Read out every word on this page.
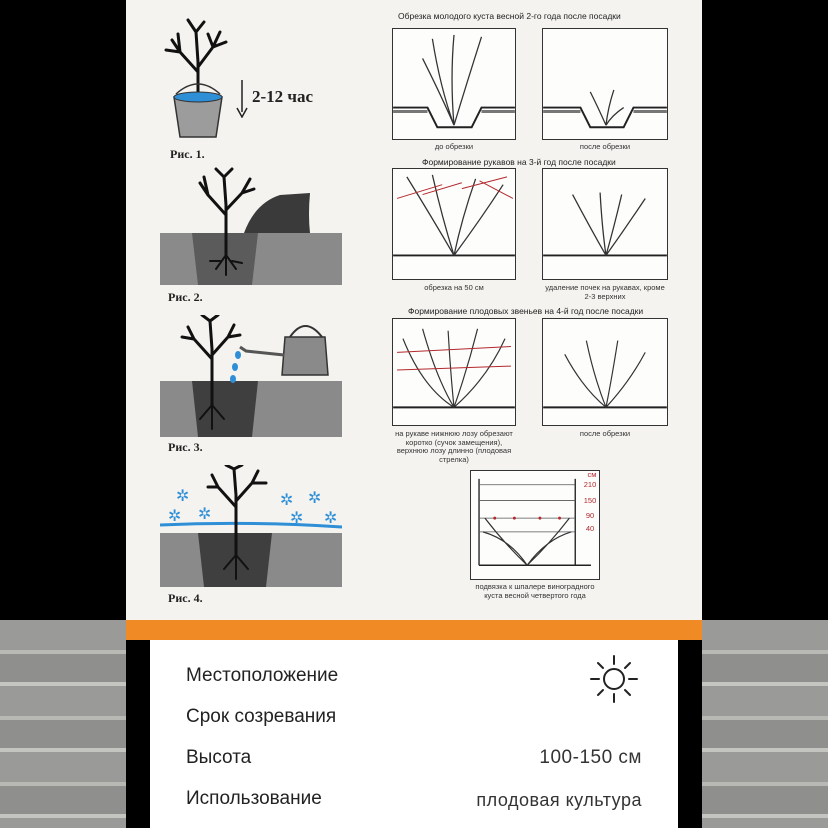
2-12 час
Рис. 1.
Рис. 2.
Рис. 3.
✲
✲ ✲
✲ ✲
✲ ✲
Рис. 4.
Обрезка молодого куста весной 2-го года после посадки
до обрезки	после обрезки
Формирование рукавов на 3-й год после посадки
обрезка на 50 см	удаление почек на рукавах, кроме 2-3 верхних
Формирование плодовых звеньев на 4-й год после посадки
на рукаве нижнюю лозу обрезают коротко (сучок замещения), верхнюю лозу длинно (плодовая стрелка)
после обрезки
см
210
150
90
40
подвязка к шпалере виноградного куста весной четвертого года
Местоположение
Срок созревания
Высота	100-150 см
Использование	плодовая культура
